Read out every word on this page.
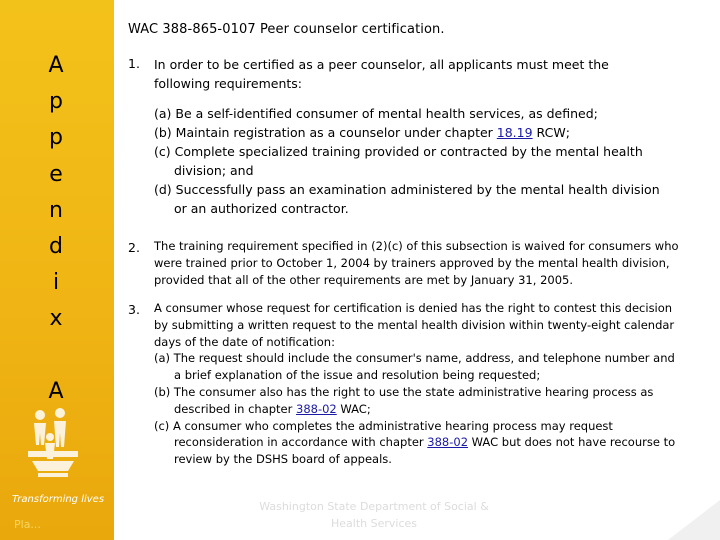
A
p
p
e
n
d
i
x
A
Transforming lives
Pla...
WAC 388-865-0107 Peer counselor certification.
1. In order to be certified as a peer counselor, all applicants must meet the following requirements:
(a) Be a self-identified consumer of mental health services, as defined;
(b) Maintain registration as a counselor under chapter 18.19 RCW;
(c) Complete specialized training provided or contracted by the mental health division; and
(d) Successfully pass an examination administered by the mental health division or an authorized contractor.
2. The training requirement specified in (2)(c) of this subsection is waived for consumers who were trained prior to October 1, 2004 by trainers approved by the mental health division, provided that all of the other requirements are met by January 31, 2005.
3. A consumer whose request for certification is denied has the right to contest this decision by submitting a written request to the mental health division within twenty-eight calendar days of the date of notification:
(a) The request should include the consumer's name, address, and telephone number and a brief explanation of the issue and resolution being requested;
(b) The consumer also has the right to use the state administrative hearing process as described in chapter 388-02 WAC;
(c) A consumer who completes the administrative hearing process may request reconsideration in accordance with chapter 388-02 WAC but does not have recourse to review by the DSHS board of appeals.
Washington State Department of Social &
Health Services
